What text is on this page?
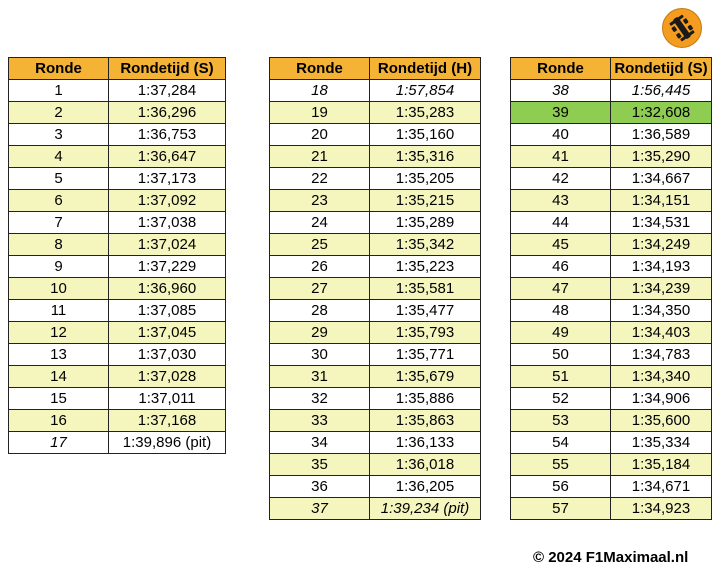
Ronde	Rondetijd (S)
1	1:37,284
2	1:36,296
3	1:36,753
4	1:36,647
5	1:37,173
6	1:37,092
7	1:37,038
8	1:37,024
9	1:37,229
10	1:36,960
11	1:37,085
12	1:37,045
13	1:37,030
14	1:37,028
15	1:37,011
16	1:37,168
17	1:39,896 (pit)
Ronde	Rondetijd (H)
18	1:57,854
19	1:35,283
20	1:35,160
21	1:35,316
22	1:35,205
23	1:35,215
24	1:35,289
25	1:35,342
26	1:35,223
27	1:35,581
28	1:35,477
29	1:35,793
30	1:35,771
31	1:35,679
32	1:35,886
33	1:35,863
34	1:36,133
35	1:36,018
36	1:36,205
37	1:39,234 (pit)
Ronde	Rondetijd (S)
38	1:56,445
39	1:32,608
40	1:36,589
41	1:35,290
42	1:34,667
43	1:34,151
44	1:34,531
45	1:34,249
46	1:34,193
47	1:34,239
48	1:34,350
49	1:34,403
50	1:34,783
51	1:34,340
52	1:34,906
53	1:35,600
54	1:35,334
55	1:35,184
56	1:34,671
57	1:34,923
© 2024 F1Maximaal.nl
